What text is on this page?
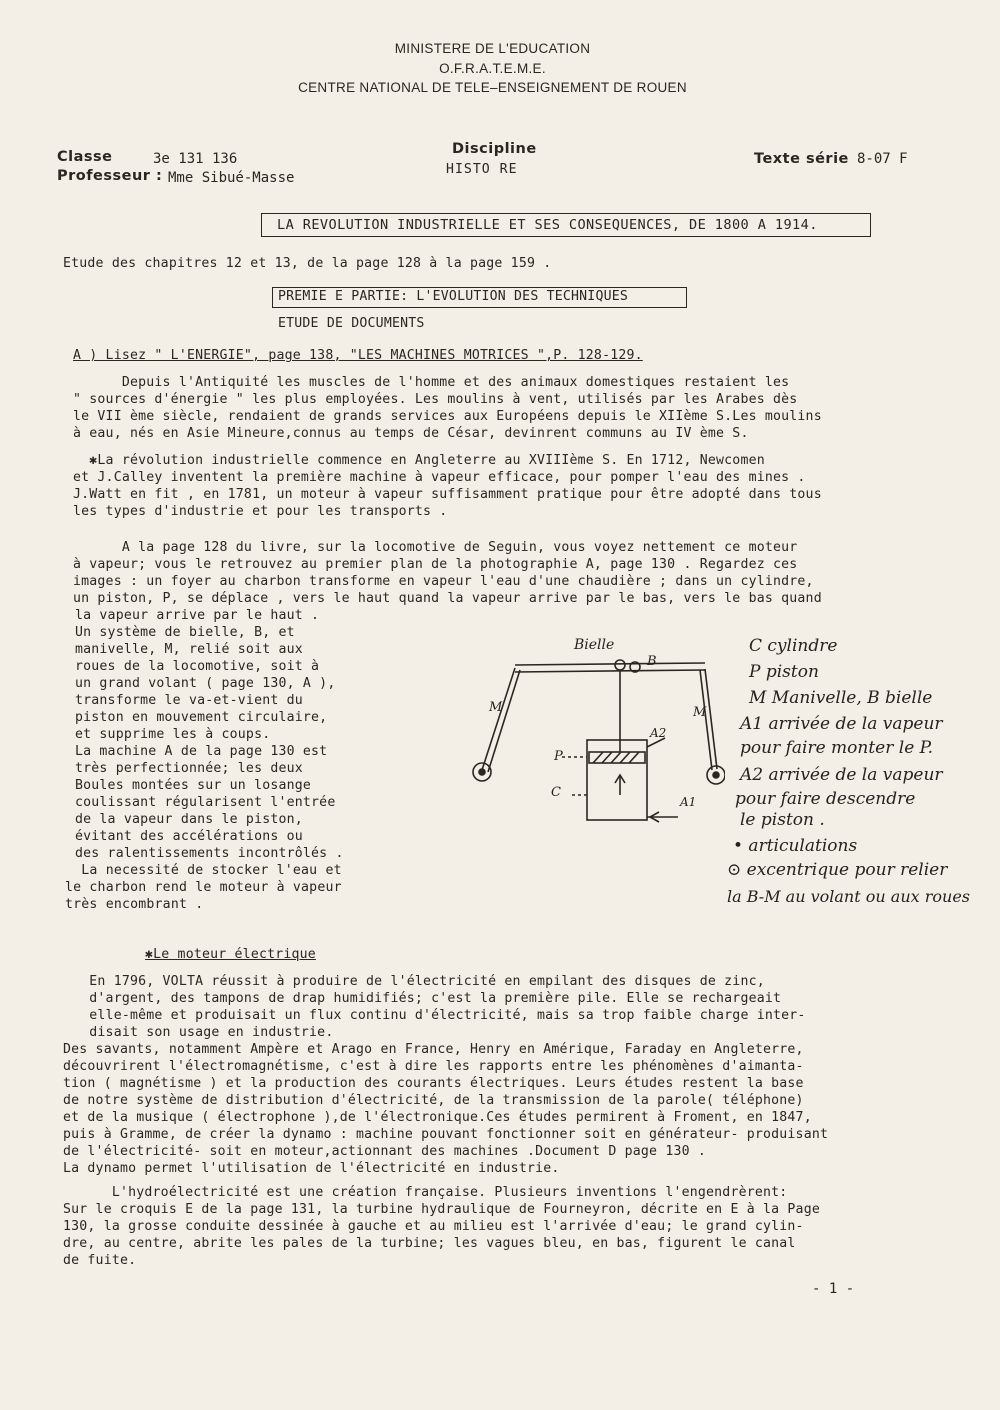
MINISTERE DE L'EDUCATION
O.F.R.A.T.E.M.E.
CENTRE NATIONAL DE TELE–ENSEIGNEMENT DE ROUEN
Classe	3e 131 136
Professeur : Mme Sibué-Masse
Discipline
HISTO RE
Texte série 8-07 F
LA REVOLUTION INDUSTRIELLE ET SES CONSEQUENCES, DE 1800 A 1914.
Etude des chapitres 12 et 13, de la page 128 à la page 159 .
PREMIE E PARTIE: L'EVOLUTION DES TECHNIQUES
ETUDE DE DOCUMENTS
A ) Lisez " L'ENERGIE", page 138, "LES MACHINES MOTRICES ",P. 128-129.
Depuis l'Antiquité les muscles de l'homme et des animaux domestiques restaient les
" sources d'énergie " les plus employées. Les moulins à vent, utilisés par les Arabes dès
le VII ème siècle, rendaient de grands services aux Européens depuis le XIIème S.Les moulins
à eau, nés en Asie Mineure,connus au temps de César, devinrent communs au IV ème S.
✱La révolution industrielle commence en Angleterre au XVIIIème S. En 1712, Newcomen
et J.Calley inventent la première machine à vapeur efficace, pour pomper l'eau des mines .
J.Watt en fit , en 1781, un moteur à vapeur suffisamment pratique pour être adopté dans tous
les types d'industrie et pour les transports .
A la page 128 du livre, sur la locomotive de Seguin, vous voyez nettement ce moteur
à vapeur; vous le retrouvez au premier plan de la photographie A, page 130 . Regardez ces
images : un foyer au charbon transforme en vapeur l'eau d'une chaudière ; dans un cylindre,
un piston, P, se déplace , vers le haut quand la vapeur arrive par le bas, vers le bas quand
la vapeur arrive par le haut .
Un système de bielle, B, et
manivelle, M, relié soit aux
roues de la locomotive, soit à
un grand volant ( page 130, A ),
transforme le va-et-vient du
piston en mouvement circulaire,
et supprime les à coups.
La machine A de la page 130 est
très perfectionnée; les deux
Boules montées sur un losange
coulissant régularisent l'entrée
de la vapeur dans le piston,
évitant des accélérations ou
des ralentissements incontrôlés .
La necessité de stocker l'eau et
le charbon rend le moteur à vapeur
très encombrant .
Bielle
B
M	M
A2
A1
P
C
C cylindre
P piston
M Manivelle, B bielle
A1 arrivée de la vapeur
pour faire monter le P.
A2 arrivée de la vapeur
pour faire descendre
le piston .
• articulations
⊙ excentrique pour relier
la B-M au volant ou aux roues
✱Le moteur électrique
En 1796, VOLTA réussit à produire de l'électricité en empilant des disques de zinc,
d'argent, des tampons de drap humidifiés; c'est la première pile. Elle se rechargeait
elle-même et produisait un flux continu d'électricité, mais sa trop faible charge inter-
disait son usage en industrie.
Des savants, notamment Ampère et Arago en France, Henry en Amérique, Faraday en Angleterre,
découvrirent l'électromagnétisme, c'est à dire les rapports entre les phénomènes d'aimanta-
tion ( magnétisme ) et la production des courants électriques. Leurs études restent la base
de notre système de distribution d'électricité, de la transmission de la parole( téléphone)
et de la musique ( électrophone ),de l'électronique.Ces études permirent à Froment, en 1847,
puis à Gramme, de créer la dynamo : machine pouvant fonctionner soit en générateur- produisant
de l'électricité- soit en moteur,actionnant des machines .Document D page 130 .
La dynamo permet l'utilisation de l'électricité en industrie.
L'hydroélectricité est une création française. Plusieurs inventions l'engendrèrent:
Sur le croquis E de la page 131, la turbine hydraulique de Fourneyron, décrite en E à la Page
130, la grosse conduite dessinée à gauche et au milieu est l'arrivée d'eau; le grand cylin-
dre, au centre, abrite les pales de la turbine; les vagues bleu, en bas, figurent le canal
de fuite.
- 1 -
